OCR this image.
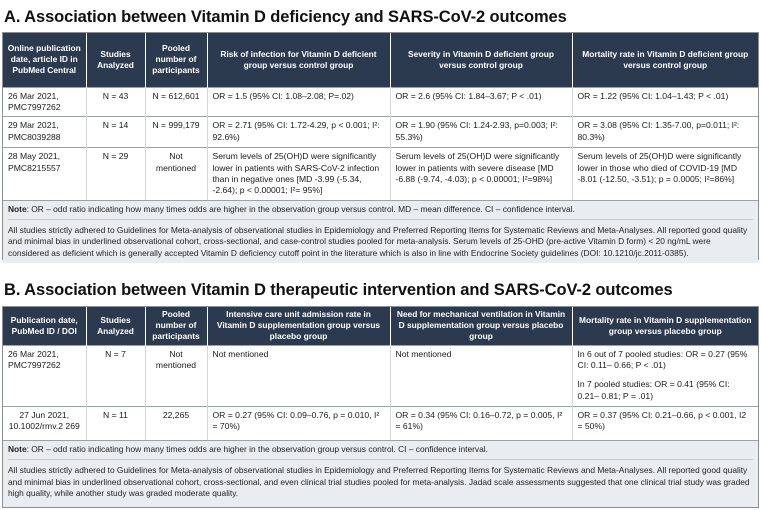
A. Association between Vitamin D deficiency and SARS-CoV-2 outcomes
Online publication date, article ID in PubMed Central	Studies Analyzed	Pooled number of participants	Risk of infection for Vitamin D deficient group versus control group	Severity in Vitamin D deficient group versus control group	Mortality rate in Vitamin D deficient group versus control group
26 Mar 2021, PMC7997262	N = 43	N = 612,601	OR = 1.5 (95% CI: 1.08–2.08; P=.02)	OR = 2.6 (95% CI: 1.84–3.67; P < .01)	OR = 1.22 (95% CI: 1.04–1.43; P < .01)
29 Mar 2021, PMC8039288	N = 14	N = 999,179	OR = 2.71 (95% CI: 1.72-4.29, p < 0.001; I²: 92.6%)	OR = 1.90 (95% CI: 1.24-2.93, p=0.003; I²: 55.3%)	OR = 3.08 (95% CI: 1.35-7.00, p=0.011; I²: 80.3%)
28 May 2021, PMC8215557	N = 29	Not mentioned	Serum levels of 25(OH)D were significantly lower in patients with SARS-CoV-2 infection than in negative ones [MD -3.99 (-5.34, -2.64); p < 0.00001; I²= 95%]	Serum levels of 25(OH)D were significantly lower in patients with severe disease [MD -6.88 (-9.74, -4.03); p < 0.00001; I²=98%]	Serum levels of 25(OH)D were significantly lower in those who died of COVID-19 [MD -8.01 (-12.50, -3.51); p = 0.0005; I²=86%]

Note: OR – odd ratio indicating how many times odds are higher in the observation group versus control. MD – mean difference. CI – confidence interval.

All studies strictly adhered to Guidelines for Meta-analysis of observational studies in Epidemiology and Preferred Reporting Items for Systematic Reviews and Meta-Analyses. All reported good quality and minimal bias in underlined observational cohort, cross-sectional, and case-control studies pooled for meta-analysis. Serum levels of 25-OHD (pre-active Vitamin D form) < 20 ng/mL were considered as deficient which is generally accepted Vitamin D deficiency cutoff point in the literature which is also in line with Endocrine Society guidelines (DOI: 10.1210/jc.2011-0385).

B. Association between Vitamin D therapeutic intervention and SARS-CoV-2 outcomes
Publication date, PubMed ID / DOI	Studies Analyzed	Pooled number of participants	Intensive care unit admission rate in Vitamin D supplementation group versus placebo group	Need for mechanical ventilation in Vitamin D supplementation group versus placebo group	Mortality rate in Vitamin D supplementation group versus placebo group
26 Mar 2021, PMC7997262	N = 7	Not mentioned	Not mentioned	Not mentioned	In 6 out of 7 pooled studies: OR = 0.27 (95% CI: 0.11– 0.66; P < .01)
In 7 pooled studies: OR = 0.41 (95% CI: 0.21– 0.81; P = .01)

27 Jun 2021, 10.1002/rmv.2 269	N = 11	22,265	OR = 0.27 (95% CI: 0.09–0.76, p = 0.010, I² = 70%)	OR = 0.34 (95% CI: 0.16–0.72, p = 0.005, I² = 61%)	OR = 0.37 (95% CI: 0.21–0.66, p < 0.001, I2 = 50%)

Note: OR – odd ratio indicating how many times odds are higher in the observation group versus control. CI – confidence interval.

All studies strictly adhered to Guidelines for Meta-analysis of observational studies in Epidemiology and Preferred Reporting Items for Systematic Reviews and Meta-Analyses. All reported good quality and minimal bias in underlined observational cohort, cross-sectional, and even clinical trial studies pooled for meta-analysis. Jadad scale assessments suggested that one clinical trial study was graded high quality, while another study was graded moderate quality.
